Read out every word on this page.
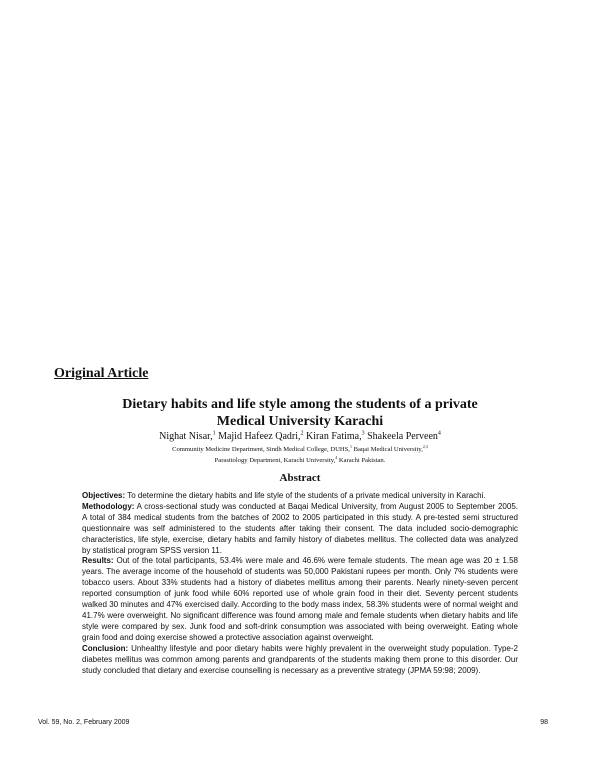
Original Article
Dietary habits and life style among the students of a private
Medical University Karachi
Nighat Nisar,$^1$ Majid Hafeez Qadri,$^2$ Kiran Fatima,$^3$ Shakeela Perveen$^4$
Community Medicine Department, Sindh Medical College, DUHS,$^1$ Baqai Medical University,$^{2,3}$
Parasitology Department, Karachi University,$^4$ Karachi Pakistan.
Abstract

Objectives: To determine the dietary habits and life style of the students of a private medical university in Karachi.

Methodology: A cross-sectional study was conducted at Baqai Medical University, from August 2005 to September 2005. A total of 384 medical students from the batches of 2002 to 2005 participated in this study. A pre-tested semi structured questionnaire was self administered to the students after taking their consent. The data included socio-demographic characteristics, life style, exercise, dietary habits and family history of diabetes mellitus. The collected data was analyzed by statistical program SPSS version 11.

Results: Out of the total participants, 53.4% were male and 46.6% were female students. The mean age was 20 ± 1.58 years. The average income of the household of students was 50,000 Pakistani rupees per month. Only 7% students were tobacco users. About 33% students had a history of diabetes mellitus among their parents. Nearly ninety-seven percent reported consumption of junk food while 60% reported use of whole grain food in their diet. Seventy percent students walked 30 minutes and 47% exercised daily. According to the body mass index, 58.3% students were of normal weight and 41.7% were overweight. No significant difference was found among male and female students when dietary habits and life style were compared by sex. Junk food and soft-drink consumption was associated with being overweight. Eating whole grain food and doing exercise showed a protective association against overweight.

Conclusion: Unhealthy lifestyle and poor dietary habits were highly prevalent in the overweight study population. Type-2 diabetes mellitus was common among parents and grandparents of the students making them prone to this disorder. Our study concluded that dietary and exercise counselling is necessary as a preventive strategy (JPMA 59:98; 2009).

Vol. 59, No. 2, February 2009	98
